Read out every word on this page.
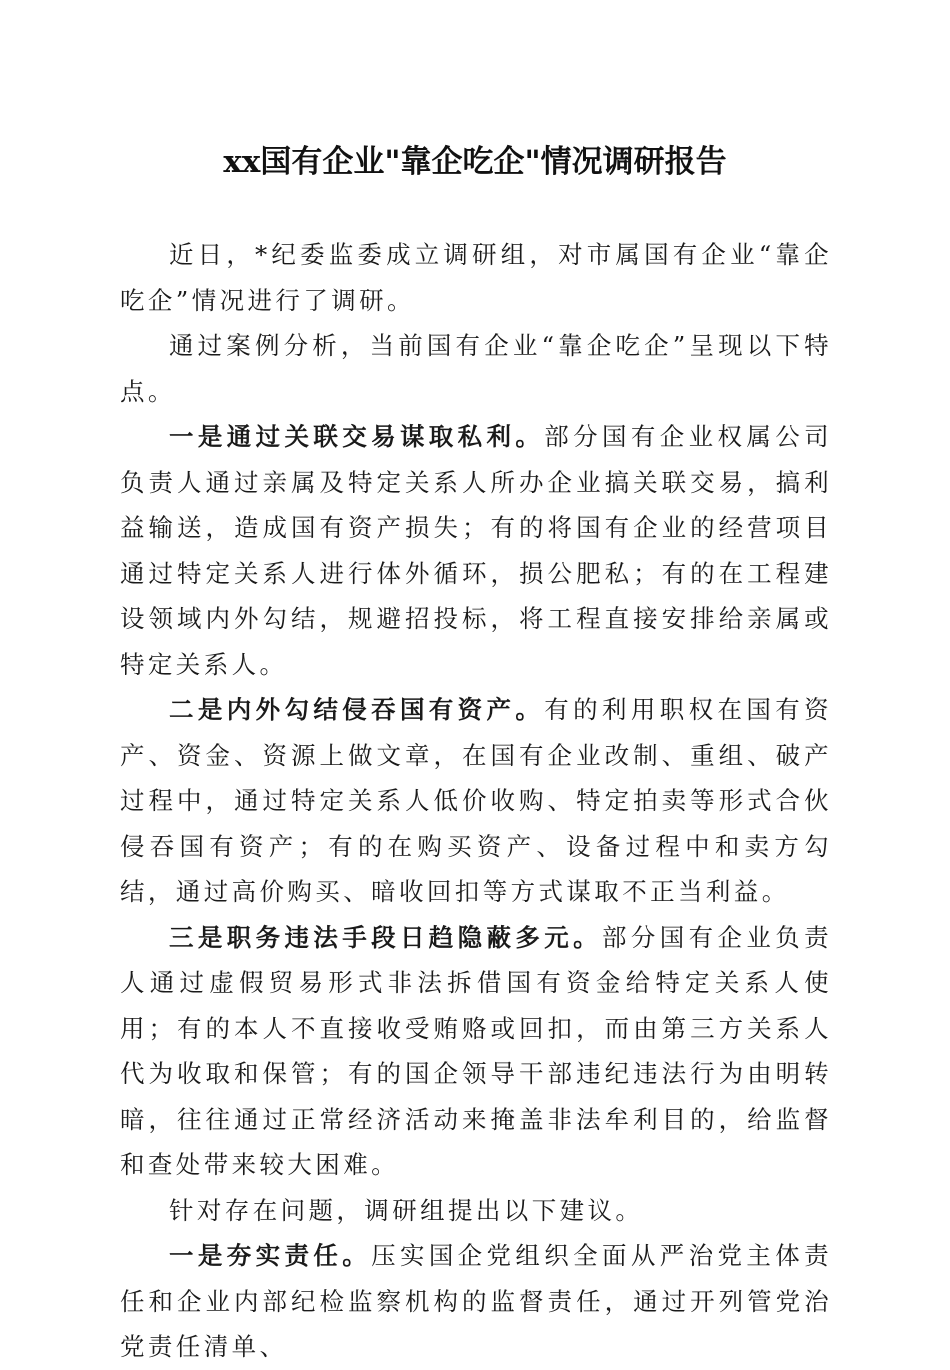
xx国有企业"靠企吃企"情况调研报告

近日，*纪委监委成立调研组，对市属国有企业“靠企吃企”情况进行了调研。

通过案例分析，当前国有企业“靠企吃企”呈现以下特点。

一是通过关联交易谋取私利。部分国有企业权属公司负责人通过亲属及特定关系人所办企业搞关联交易，搞利益输送，造成国有资产损失；有的将国有企业的经营项目通过特定关系人进行体外循环，损公肥私；有的在工程建设领域内外勾结，规避招投标，将工程直接安排给亲属或特定关系人。

二是内外勾结侵吞国有资产。有的利用职权在国有资产、资金、资源上做文章，在国有企业改制、重组、破产过程中，通过特定关系人低价收购、特定拍卖等形式合伙侵吞国有资产；有的在购买资产、设备过程中和卖方勾结，通过高价购买、暗收回扣等方式谋取不正当利益。

三是职务违法手段日趋隐蔽多元。部分国有企业负责人通过虚假贸易形式非法拆借国有资金给特定关系人使用；有的本人不直接收受贿赂或回扣，而由第三方关系人代为收取和保管；有的国企领导干部违纪违法行为由明转暗，往往通过正常经济活动来掩盖非法牟利目的，给监督和查处带来较大困难。

针对存在问题，调研组提出以下建议。

一是夯实责任。压实国企党组织全面从严治党主体责任和企业内部纪检监察机构的监督责任，通过开列管党治党责任清单、
